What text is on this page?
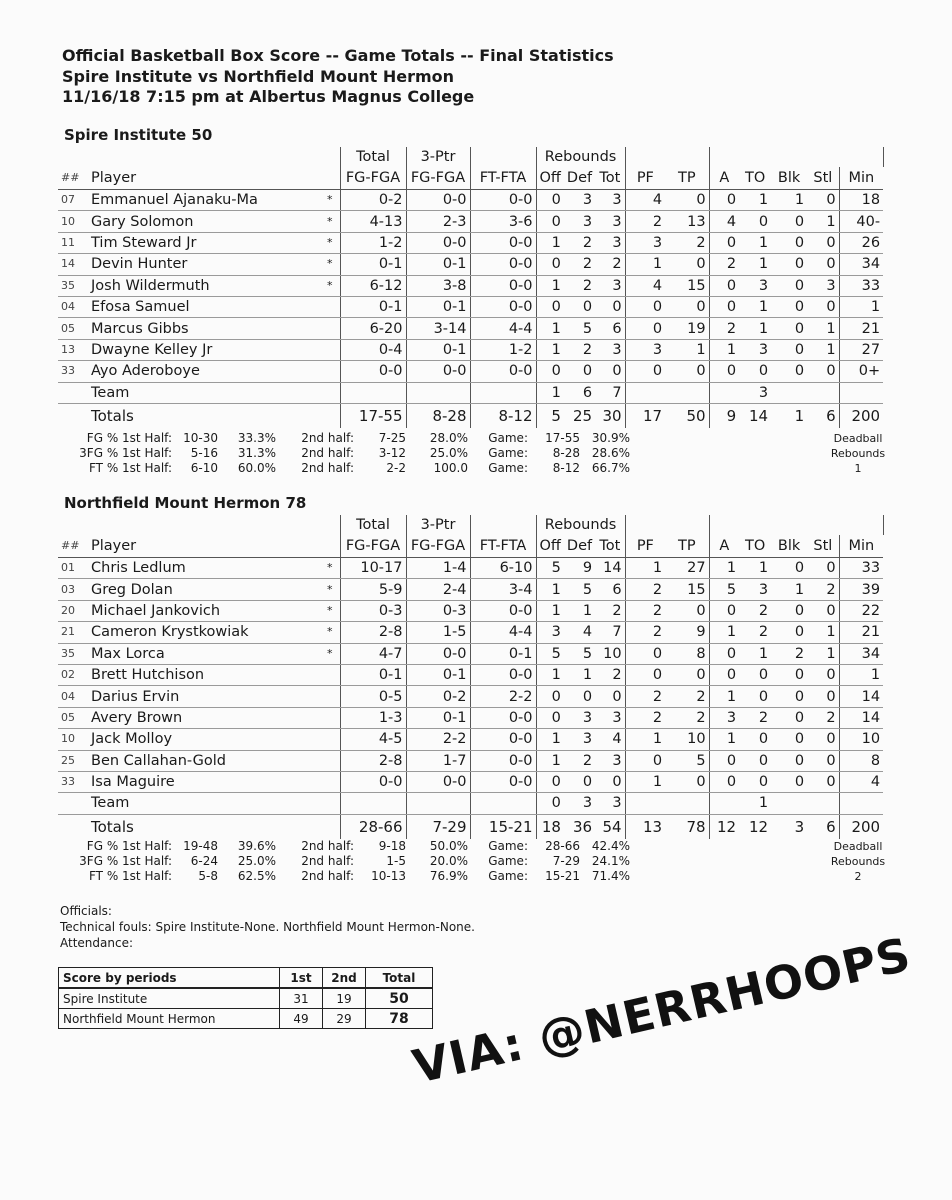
Official Basketball Box Score -- Game Totals -- Final Statistics
Spire Institute vs Northfield Mount Hermon
11/16/18 7:15 pm at Albertus Magnus College
Spire Institute 50
			Total	3-Ptr		Rebounds									
##	Player		FG-FGA	FG-FGA	FT-FTA	Off	Def	Tot	PF	TP	A	TO	Blk	Stl	Min
07	Emmanuel Ajanaku-Ma	*	0-2	0-0	0-0	0	3	3	4	0	0	1	1	0	18
10	Gary Solomon	*	4-13	2-3	3-6	0	3	3	2	13	4	0	0	1	40-
11	Tim Steward Jr	*	1-2	0-0	0-0	1	2	3	3	2	0	1	0	0	26
14	Devin Hunter	*	0-1	0-1	0-0	0	2	2	1	0	2	1	0	0	34
35	Josh Wildermuth	*	6-12	3-8	0-0	1	2	3	4	15	0	3	0	3	33
04	Efosa Samuel		0-1	0-1	0-0	0	0	0	0	0	0	1	0	0	1
05	Marcus Gibbs		6-20	3-14	4-4	1	5	6	0	19	2	1	0	1	21
13	Dwayne Kelley Jr		0-4	0-1	1-2	1	2	3	3	1	1	3	0	1	27
33	Ayo Aderoboye		0-0	0-0	0-0	0	0	0	0	0	0	0	0	0	0+
	Team					1	6	7				3			
	Totals		17-55	8-28	8-12	5	25	30	17	50	9	14	1	6	200
FG % 1st Half: 10-30 33.3% 2nd half: 7-25 28.0% Game: 17-55 30.9%
3FG % 1st Half: 5-16 31.3% 2nd half: 3-12 25.0% Game: 8-28 28.6%
FT % 1st Half: 6-10 60.0% 2nd half:	2-2 100.0 Game: 8-12 66.7%
Deadball
Rebounds
1
Northfield Mount Hermon 78
			Total	3-Ptr		Rebounds									
##	Player		FG-FGA	FG-FGA	FT-FTA	Off	Def	Tot	PF	TP	A	TO	Blk	Stl	Min
01	Chris Ledlum	*	10-17	1-4	6-10	5	9	14	1	27	1	1	0	0	33
03	Greg Dolan	*	5-9	2-4	3-4	1	5	6	2	15	5	3	1	2	39
20	Michael Jankovich	*	0-3	0-3	0-0	1	1	2	2	0	0	2	0	0	22
21	Cameron Krystkowiak	*	2-8	1-5	4-4	3	4	7	2	9	1	2	0	1	21
35	Max Lorca	*	4-7	0-0	0-1	5	5	10	0	8	0	1	2	1	34
02	Brett Hutchison		0-1	0-1	0-0	1	1	2	0	0	0	0	0	0	1
04	Darius Ervin		0-5	0-2	2-2	0	0	0	2	2	1	0	0	0	14
05	Avery Brown		1-3	0-1	0-0	0	3	3	2	2	3	2	0	2	14
10	Jack Molloy		4-5	2-2	0-0	1	3	4	1	10	1	0	0	0	10
25	Ben Callahan-Gold		2-8	1-7	0-0	1	2	3	0	5	0	0	0	0	8
33	Isa Maguire		0-0	0-0	0-0	0	0	0	1	0	0	0	0	0	4
	Team					0	3	3				1			
	Totals		28-66	7-29	15-21	18	36	54	13	78	12	12	3	6	200
FG % 1st Half: 19-48 39.6% 2nd half: 9-18 50.0% Game: 28-66 42.4%
3FG % 1st Half: 6-24 25.0% 2nd half:	1-5 20.0% Game: 7-29 24.1%
FT % 1st Half: 5-8 62.5% 2nd half: 10-13 76.9% Game: 15-21 71.4%
Deadball
Rebounds
2
Officials:
Technical fouls: Spire Institute-None. Northfield Mount Hermon-None.
Attendance:
Score by periods	1st	2nd	Total
Spire Institute	31	19	50
Northfield Mount Hermon	49	29	78 VIA: @NERRHOOPS
